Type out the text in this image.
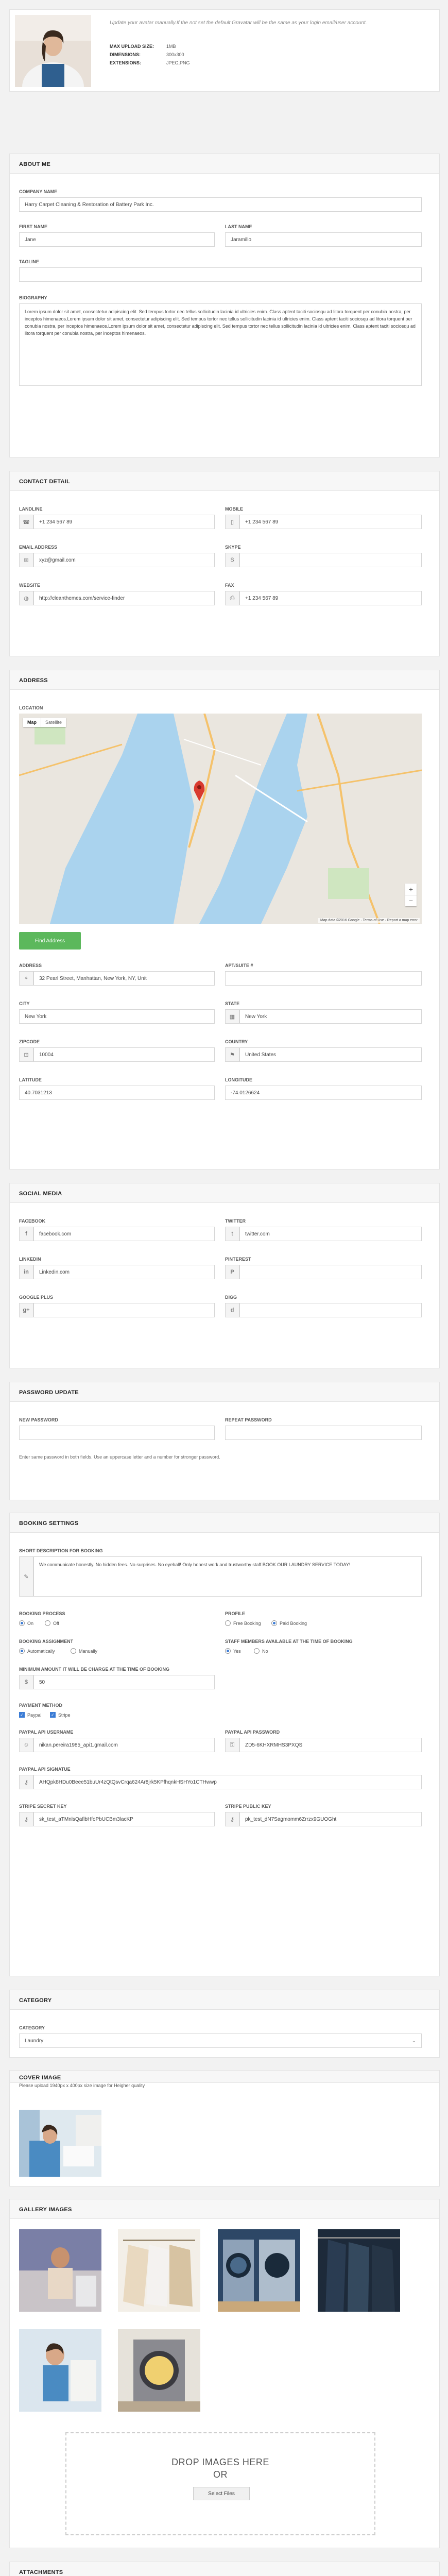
Update your avatar manually.If the not set the default Gravatar will be the same as your login email/user account.
MAX UPLOAD SIZE:	1MB
DIMENSIONS:	300x300
EXTENSIONS:	JPEG,PNG
ABOUT ME
COMPANY NAME
Harry Carpet Cleaning & Restoration of Battery Park Inc.
FIRST NAME
Jane
LAST NAME
Jaramillo
TAGLINE
BIOGRAPHY
Lorem ipsum dolor sit amet, consectetur adipiscing elit. Sed tempus tortor nec tellus sollicitudin lacinia id ultricies enim. Class aptent taciti sociosqu ad litora torquent per conubia nostra, per inceptos himenaeos.Lorem ipsum dolor sit amet, consectetur adipiscing elit. Sed tempus tortor nec tellus sollicitudin lacinia id ultricies enim. Class aptent taciti sociosqu ad litora torquent per conubia nostra, per inceptos himenaeos.Lorem ipsum dolor sit amet, consectetur adipiscing elit. Sed tempus tortor nec tellus sollicitudin lacinia id ultricies enim. Class aptent taciti sociosqu ad litora torquent per conubia nostra, per inceptos himenaeos.
CONTACT DETAIL
LANDLINE
☎	+1 234 567 89
MOBILE
▯	+1 234 567 89
EMAIL ADDRESS
✉	xyz@gmail.com
SKYPE
S
WEBSITE
◍	http://cleanthemes.com/service-finder
FAX
⎙	+1 234 567 89
ADDRESS
LOCATION
Map	Satellite
+
−
Map data ©2016 Google · Terms of Use · Report a map error
Find Address
ADDRESS
⌖	32 Pearl Street, Manhattan, New York, NY, Unit
APT/SUITE #
CITY
New York
STATE
▦	New York
ZIPCODE
⊡	10004
COUNTRY
⚑	United States
LATITUDE
40.7031213
LONGITUDE
-74.0126624
SOCIAL MEDIA
FACEBOOK
f	facebook.com
TWITTER
t	twitter.com
LINKEDIN
in	Linkedin.com
PINTEREST
P
GOOGLE PLUS
g+
DIGG
d
PASSWORD UPDATE
NEW PASSWORD	REPEAT PASSWORD
Enter same password in both fields. Use an uppercase letter and a number for stronger password.
BOOKING SETTINGS
SHORT DESCRIPTION FOR BOOKING
✎
We communicate honestly. No hidden fees. No surprises. No eyeball! Only honest work and trustworthy staff.BOOK OUR LAUNDRY SERVICE TODAY!
BOOKING PROCESS
On	Off
PROFILE
Free Booking	Paid Booking
BOOKING ASSIGNMENT
Automatically	Manually
STAFF MEMBERS AVAILABLE AT THE TIME OF BOOKING
Yes	No
MINIMUM AMOUNT IT WILL BE CHARGE AT THE TIME OF BOOKING
$	50
PAYMENT METHOD
✓ Paypal ✓ Stripe
PAYPAL API USERNAME
☺	nikan.pereira1985_api1.gmail.com
PAYPAL API PASSWORD
⚿	ZD5-6KHXRMHS3PXQS
PAYPAL API SIGNATUE
⚷	AHQpk8HDu0Beee51buUr4zQtQsvCrqa624Ar8jrk5KPfhqnkHSHYo1CTHwwp
STRIPE SECRET KEY
⚷	sk_test_aTMnlsQaflbHfoPbUCBm3lacKP
STRIPE PUBLIC KEY
⚷	pk_test_dN7Sagmomm6Zrrzx9GUOGht
CATEGORY
CATEGORY
Laundry	⌄
COVER IMAGE
Please upload 1940px x 400px size image for Heigher quality
GALLERY IMAGES
DROP IMAGES HERE
OR
Select Files
ATTACHMENTS
